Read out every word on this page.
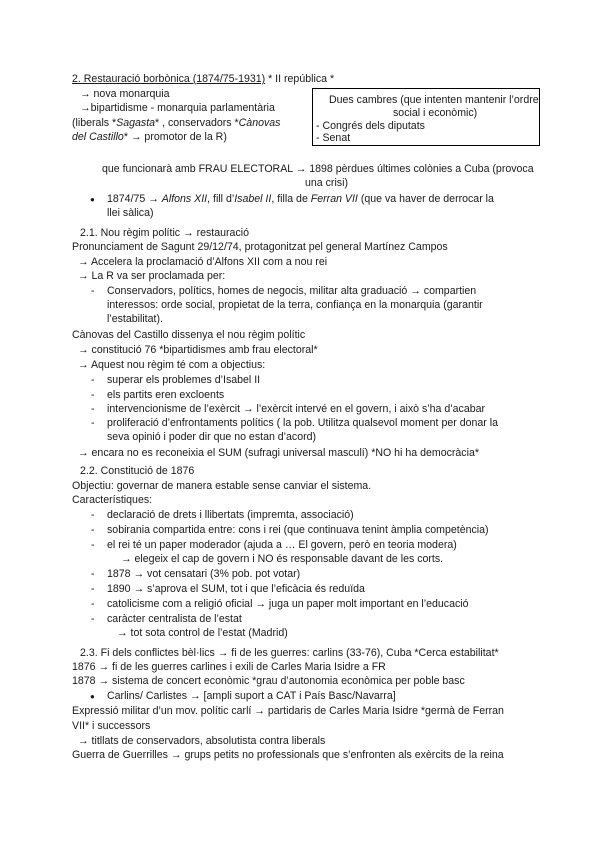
2. Restauració borbònica (1874/75-1931) * II república *
→ nova monarquia
→bipartidisme - monarquia parlamentària
(liberals *Sagasta* , conservadors *Cànovas
del Castillo* → promotor de la R)
Dues cambres (que intenten mantenir l’ordre
social i econòmic)
- Congrés dels diputats
- Senat
que funcionarà amb FRAU ELECTORAL → 1898 pèrdues últimes colònies a Cuba (provoca
una crisi)
● 1874/75 → Alfons XII, fill d’Isabel II, filla de Ferran VII (que va haver de derrocar la
llei sàlica)
2.1. Nou règim polític → restauració
Pronunciament de Sagunt 29/12/74, protagonitzat pel general Martínez Campos
→ Accelera la proclamació d’Alfons XII com a nou rei
→ La R va ser proclamada per:
- Conservadors, polítics, homes de negocis, militar alta graduació → compartien
interessos: orde social, propietat de la terra, confiança en la monarquia (garantir
l’estabilitat).
Cànovas del Castillo dissenya el nou règim polític
→ constitució 76 *bipartidismes amb frau electoral*
→ Aquest nou règim té com a objectius:
- superar els problemes d’Isabel II
- els partits eren excloents
- intervencionisme de l’exèrcit → l’exèrcit intervé en el govern, i això s’ha d’acabar
- proliferació d’enfrontaments polítics ( la pob. Utilitza qualsevol moment per donar la
seva opinió i poder dir que no estan d’acord)
→ encara no es reconeixia el SUM (sufragi universal masculí) *NO hi ha democràcia*
2.2. Constitució de 1876
Objectiu: governar de manera estable sense canviar el sistema.
Característiques:
- declaració de drets i llibertats (impremta, associació)
- sobirania compartida entre: cons i rei (que continuava tenint àmplia competència)
- el rei té un paper moderador (ajuda a … El govern, però en teoria modera)
→ elegeix el cap de govern i NO és responsable davant de les corts.
- 1878 → vot censatari (3% pob. pot votar)
- 1890 → s’aprova el SUM, tot i que l’eficàcia és reduïda
- catolicisme com a religió oficial → juga un paper molt important en l’educació
- caràcter centralista de l’estat
→ tot sota control de l’estat (Madrid)
2.3. Fi dels conflictes bèl·lics → fi de les guerres: carlins (33-76), Cuba *Cerca estabilitat*
1876 → fi de les guerres carlines i exili de Carles Maria Isidre a FR
1878 → sistema de concert econòmic *grau d’autonomia econòmica per poble basc
● Carlins/ Carlistes → [ampli suport a CAT i País Basc/Navarra]
Expressió militar d’un mov. polític carlí → partidaris de Carles Maria Isidre *germà de Ferran
VII* i successors
→ titllats de conservadors, absolutista contra liberals
Guerra de Guerrilles → grups petits no professionals que s’enfronten als exèrcits de la reina
